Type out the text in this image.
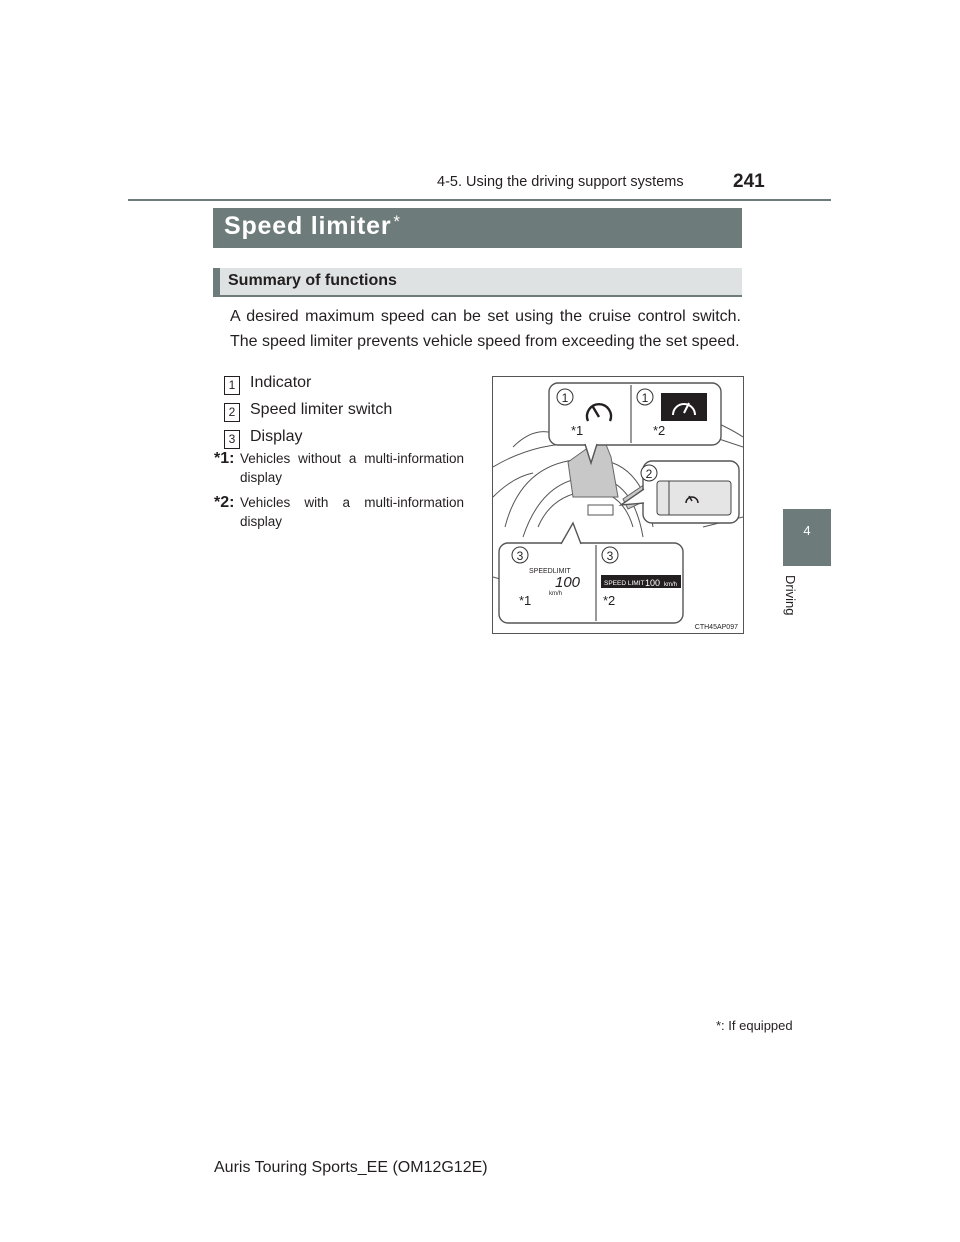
4-5. Using the driving support systems	241
4
Driving
Speed limiter *
Summary of functions
A desired maximum speed can be set using the cruise control switch. The speed limiter prevents vehicle speed from exceeding the set speed.
1 Indicator
2 Speed limiter switch
3 Display
*1: Vehicles without a multi-information display
*2: Vehicles with a multi-information display
1	1
*1	*2
2
3	3
SPEEDLIMIT
100
km/h
*1
SPEED LIMIT 100 km/h
*2
CTH45AP097
*: If equipped
Auris Touring Sports_EE (OM12G12E)
